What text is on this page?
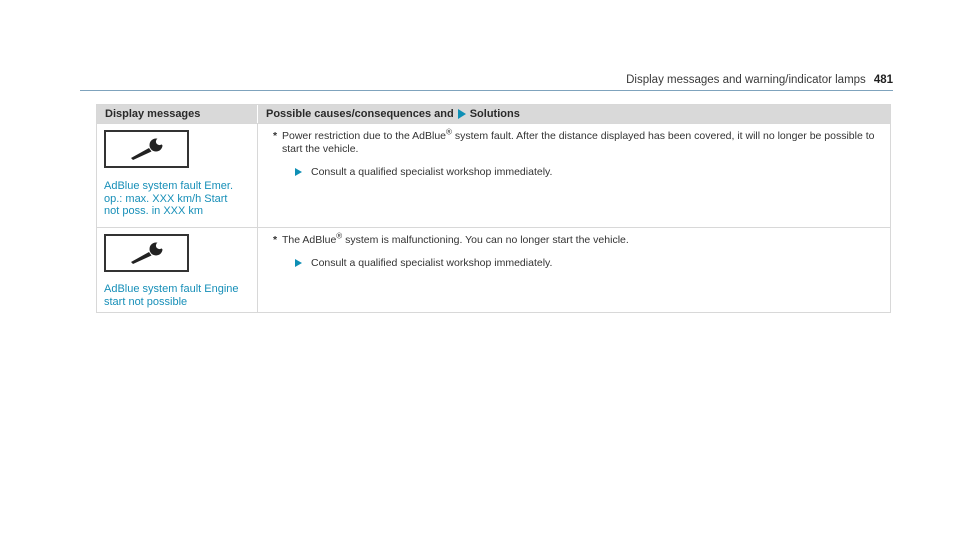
Display messages and warning/indicator lamps 481
Display messages	Possible causes/consequences and Solutions
AdBlue system fault Emer.
op.: max. XXX km/h Start
not poss. in XXX km
* Power restriction due to the AdBlue® system fault. After the distance displayed has been covered, it will no longer be possible to start the vehicle.
Consult a qualified specialist workshop immediately.
AdBlue system fault Engine
start not possible
* The AdBlue® system is malfunctioning. You can no longer start the vehicle.
Consult a qualified specialist workshop immediately.
